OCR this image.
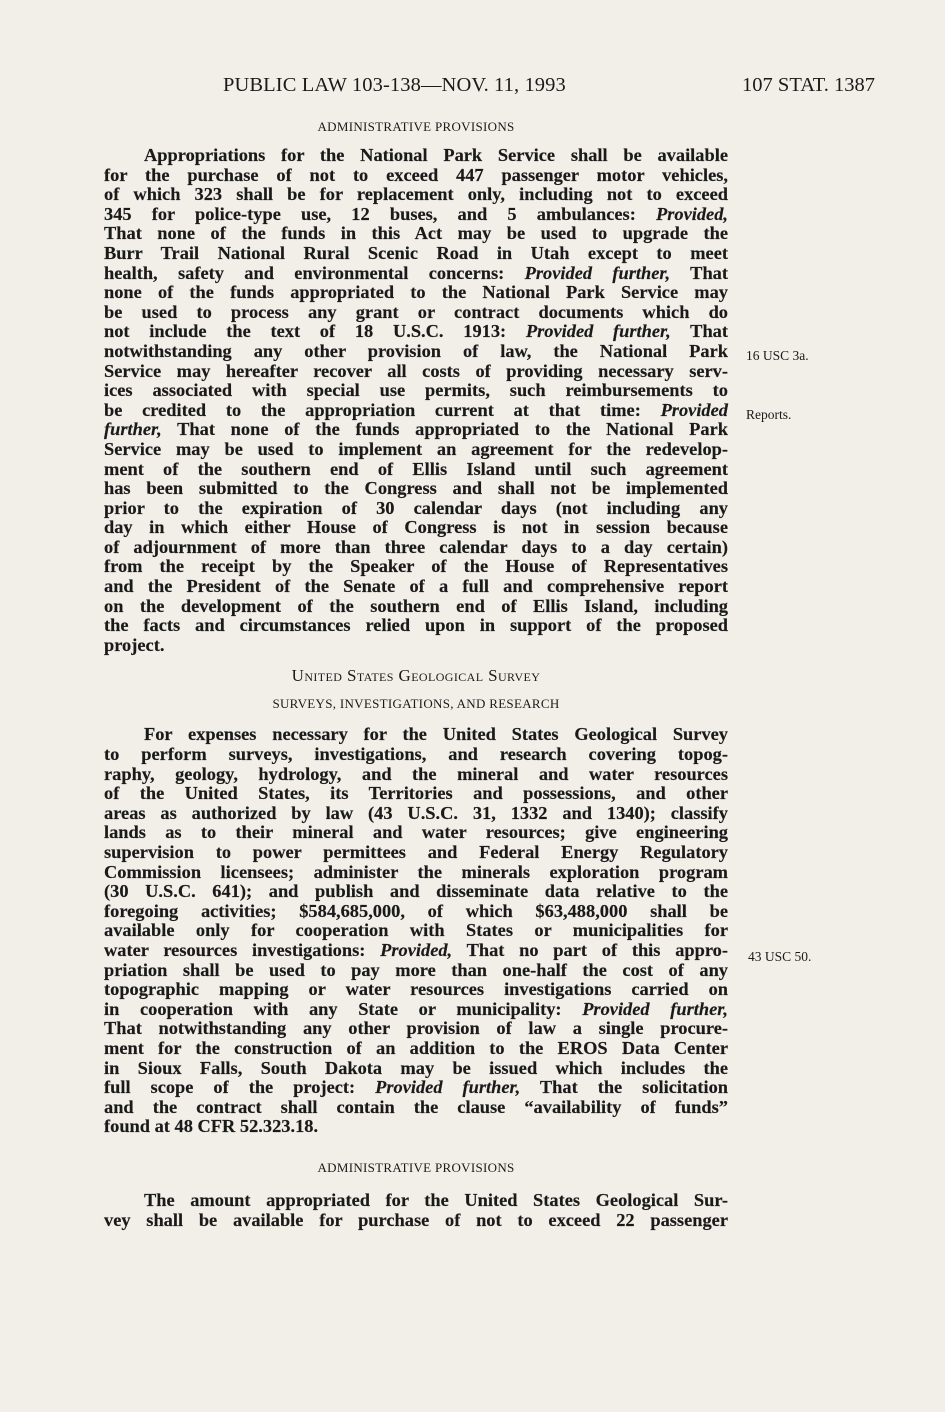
PUBLIC LAW 103-138—NOV. 11, 1993	107 STAT. 1387
ADMINISTRATIVE PROVISIONS
Appropriations for the National Park Service shall be available
for the purchase of not to exceed 447 passenger motor vehicles,
of which 323 shall be for replacement only, including not to exceed
345 for police-type use, 12 buses, and 5 ambulances: Provided,
That none of the funds in this Act may be used to upgrade the
Burr Trail National Rural Scenic Road in Utah except to meet
health, safety and environmental concerns: Provided further, That
none of the funds appropriated to the National Park Service may
be used to process any grant or contract documents which do
not include the text of 18 U.S.C. 1913: Provided further, That
notwithstanding any other provision of law, the National Park
Service may hereafter recover all costs of providing necessary serv-
ices associated with special use permits, such reimbursements to
be credited to the appropriation current at that time: Provided
further, That none of the funds appropriated to the National Park
Service may be used to implement an agreement for the redevelop-
ment of the southern end of Ellis Island until such agreement
has been submitted to the Congress and shall not be implemented
prior to the expiration of 30 calendar days (not including any
day in which either House of Congress is not in session because
of adjournment of more than three calendar days to a day certain)
from the receipt by the Speaker of the House of Representatives
and the President of the Senate of a full and comprehensive report
on the development of the southern end of Ellis Island, including
the facts and circumstances relied upon in support of the proposed
project.
United States Geological Survey
SURVEYS, INVESTIGATIONS, AND RESEARCH
For expenses necessary for the United States Geological Survey
to perform surveys, investigations, and research covering topog-
raphy, geology, hydrology, and the mineral and water resources
of the United States, its Territories and possessions, and other
areas as authorized by law (43 U.S.C. 31, 1332 and 1340); classify
lands as to their mineral and water resources; give engineering
supervision to power permittees and Federal Energy Regulatory
Commission licensees; administer the minerals exploration program
(30 U.S.C. 641); and publish and disseminate data relative to the
foregoing activities; $584,685,000, of which $63,488,000 shall be
available only for cooperation with States or municipalities for
water resources investigations: Provided, That no part of this appro-
priation shall be used to pay more than one-half the cost of any
topographic mapping or water resources investigations carried on
in cooperation with any State or municipality: Provided further,
That notwithstanding any other provision of law a single procure-
ment for the construction of an addition to the EROS Data Center
in Sioux Falls, South Dakota may be issued which includes the
full scope of the project: Provided further, That the solicitation
and the contract shall contain the clause “availability of funds”
found at 48 CFR 52.323.18.
ADMINISTRATIVE PROVISIONS
The amount appropriated for the United States Geological Sur-
vey shall be available for purchase of not to exceed 22 passenger
16 USC 3a.
Reports.
43 USC 50.
